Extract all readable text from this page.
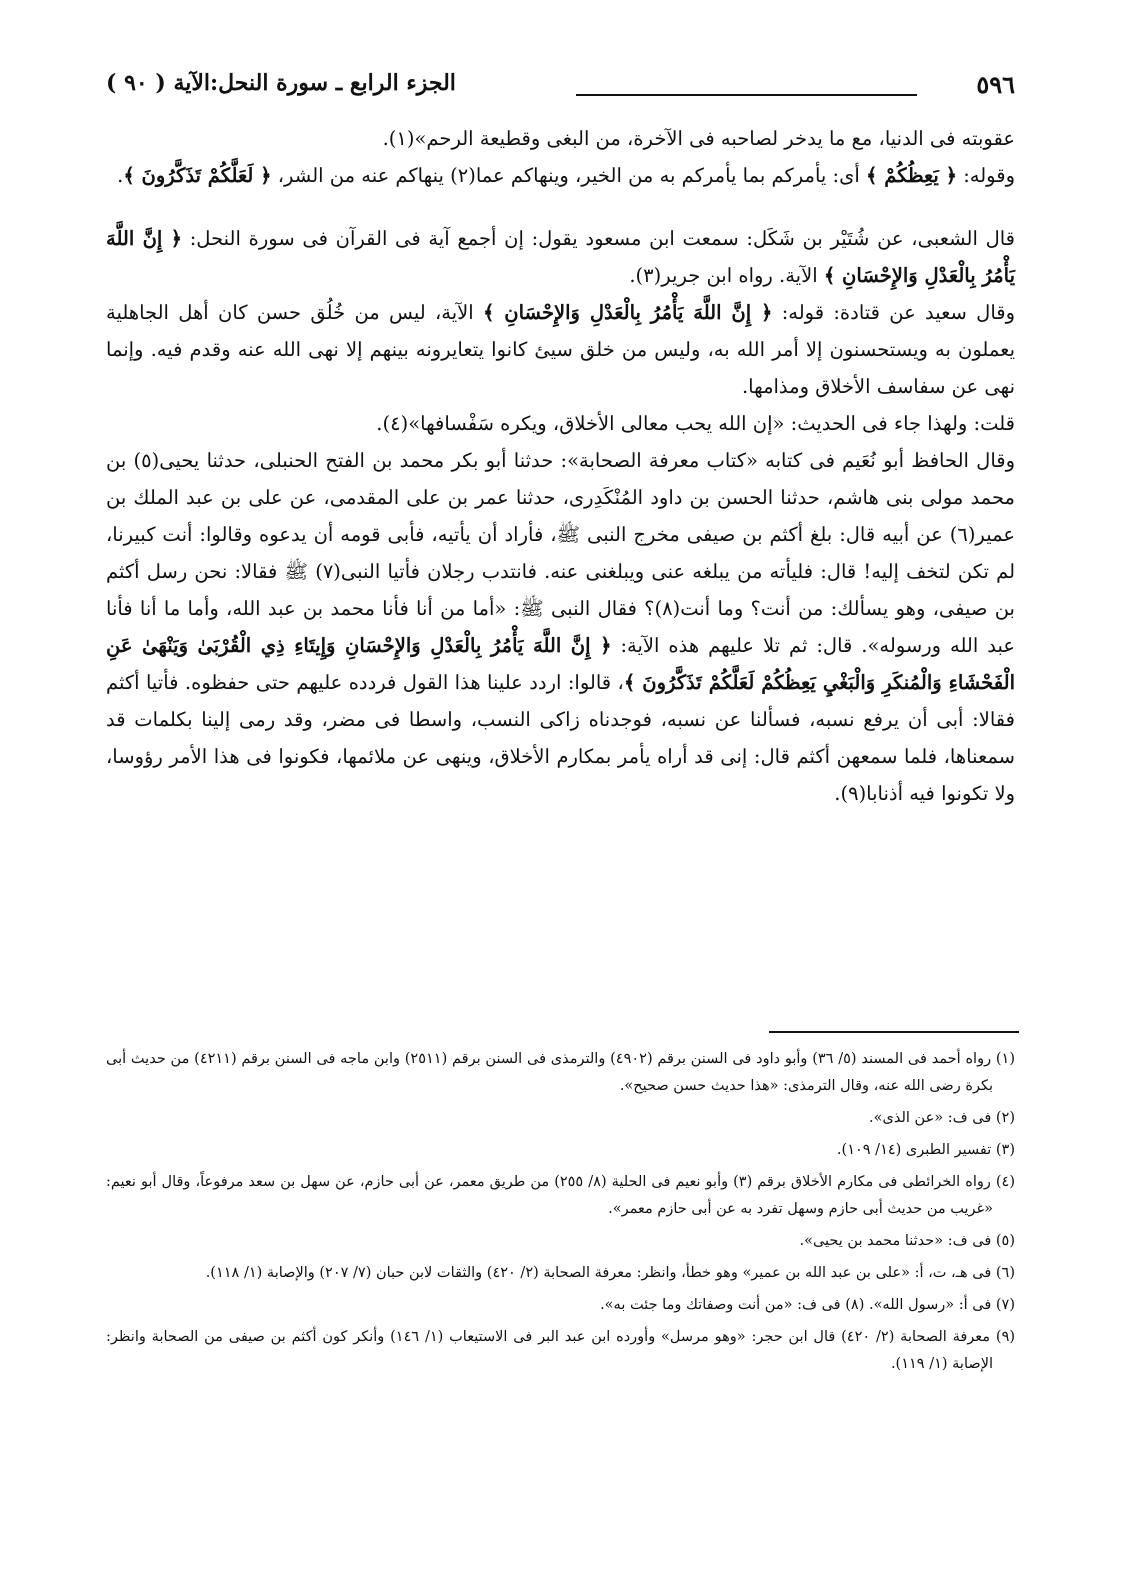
٥٩٦
الجزء الرابع ـ سورة النحل:الآية ( ٩٠ )

عقوبته فى الدنيا، مع ما يدخر لصاحبه فى الآخرة، من البغى وقطيعة الرحم»(١).

وقوله: ﴿ يَعِظُكُمْ ﴾ أى: يأمركم بما يأمركم به من الخير، وينهاكم عما(٢) ينهاكم عنه من الشر، ﴿ لَعَلَّكُمْ تَذَكَّرُونَ ﴾.

قال الشعبى، عن شُتَيْر بن شَكَل: سمعت ابن مسعود يقول: إن أجمع آية فى القرآن فى سورة النحل: ﴿ إِنَّ اللَّهَ يَأْمُرُ بِالْعَدْلِ وَالإِحْسَانِ ﴾ الآية. رواه ابن جرير(٣).

وقال سعيد عن قتادة: قوله: ﴿ إِنَّ اللَّهَ يَأْمُرُ بِالْعَدْلِ وَالإِحْسَانِ ﴾ الآية، ليس من خُلُق حسن كان أهل الجاهلية يعملون به ويستحسنون إلا أمر الله به، وليس من خلق سيئ كانوا يتعايرونه بينهم إلا نهى الله عنه وقدم فيه. وإنما نهى عن سفاسف الأخلاق ومذامها.

قلت: ولهذا جاء فى الحديث: «إن الله يحب معالى الأخلاق، ويكره سَفْسافها»(٤).

وقال الحافظ أبو نُعَيم فى كتابه «كتاب معرفة الصحابة»: حدثنا أبو بكر محمد بن الفتح الحنبلى، حدثنا يحيى(٥) بن محمد مولى بنى هاشم، حدثنا الحسن بن داود المُنْكَدِرى، حدثنا عمر بن على المقدمى، عن على بن عبد الملك بن عمير(٦) عن أبيه قال: بلغ أكثم بن صيفى مخرج النبى ﷺ، فأراد أن يأتيه، فأبى قومه أن يدعوه وقالوا: أنت كبيرنا، لم تكن لتخف إليه! قال: فليأته من يبلغه عنى ويبلغنى عنه. فانتدب رجلان فأتيا النبى(٧) ﷺ فقالا: نحن رسل أكثم بن صيفى، وهو يسألك: من أنت؟ وما أنت(٨)؟ فقال النبى ﷺ: «أما من أنا فأنا محمد بن عبد الله، وأما ما أنا فأنا عبد الله ورسوله». قال: ثم تلا عليهم هذه الآية: ﴿ إِنَّ اللَّهَ يَأْمُرُ بِالْعَدْلِ وَالإِحْسَانِ وَإِيتَاءِ ذِي الْقُرْبَىٰ وَيَنْهَىٰ عَنِ الْفَحْشَاءِ وَالْمُنكَرِ وَالْبَغْيِ يَعِظُكُمْ لَعَلَّكُمْ تَذَكَّرُونَ ﴾، قالوا: اردد علينا هذا القول فردده عليهم حتى حفظوه. فأتيا أكثم فقالا: أبى أن يرفع نسبه، فسألنا عن نسبه، فوجدناه زاكى النسب، واسطا فى مضر، وقد رمى إلينا بكلمات قد سمعناها، فلما سمعهن أكثم قال: إنى قد أراه يأمر بمكارم الأخلاق، وينهى عن ملائمها، فكونوا فى هذا الأمر رؤوسا، ولا تكونوا فيه أذنابا(٩).

(١) رواه أحمد فى المسند (٥/ ٣٦) وأبو داود فى السنن برقم (٤٩٠٢) والترمذى فى السنن برقم (٢٥١١) وابن ماجه فى السنن برقم (٤٢١١) من حديث أبى بكرة رضى الله عنه، وقال الترمذى: «هذا حديث حسن صحيح».

(٢) فى ف: «عن الذى».

(٣) تفسير الطبرى (١٤/ ١٠٩).

(٤) رواه الخرائطى فى مكارم الأخلاق برقم (٣) وأبو نعيم فى الحلية (٨/ ٢٥٥) من طريق معمر، عن أبى حازم، عن سهل بن سعد مرفوعاً، وقال أبو نعيم: «غريب من حديث أبى حازم وسهل تفرد به عن أبى حازم معمر».

(٥) فى ف: «حدثنا محمد بن يحيى».

(٦) فى هـ، ت، أ: «على بن عبد الله بن عمير» وهو خطأ، وانظر: معرفة الصحابة (٢/ ٤٢٠) والثقات لابن حبان (٧/ ٢٠٧) والإصابة (١/ ١١٨).

(٧) فى أ: «رسول الله». (٨) فى ف: «من أنت وصفاتك وما جئت به».

(٩) معرفة الصحابة (٢/ ٤٢٠) قال ابن حجر: «وهو مرسل» وأورده ابن عبد البر فى الاستيعاب (١/ ١٤٦) وأنكر كون أكثم بن صيفى من الصحابة وانظر: الإصابة (١/ ١١٩).
